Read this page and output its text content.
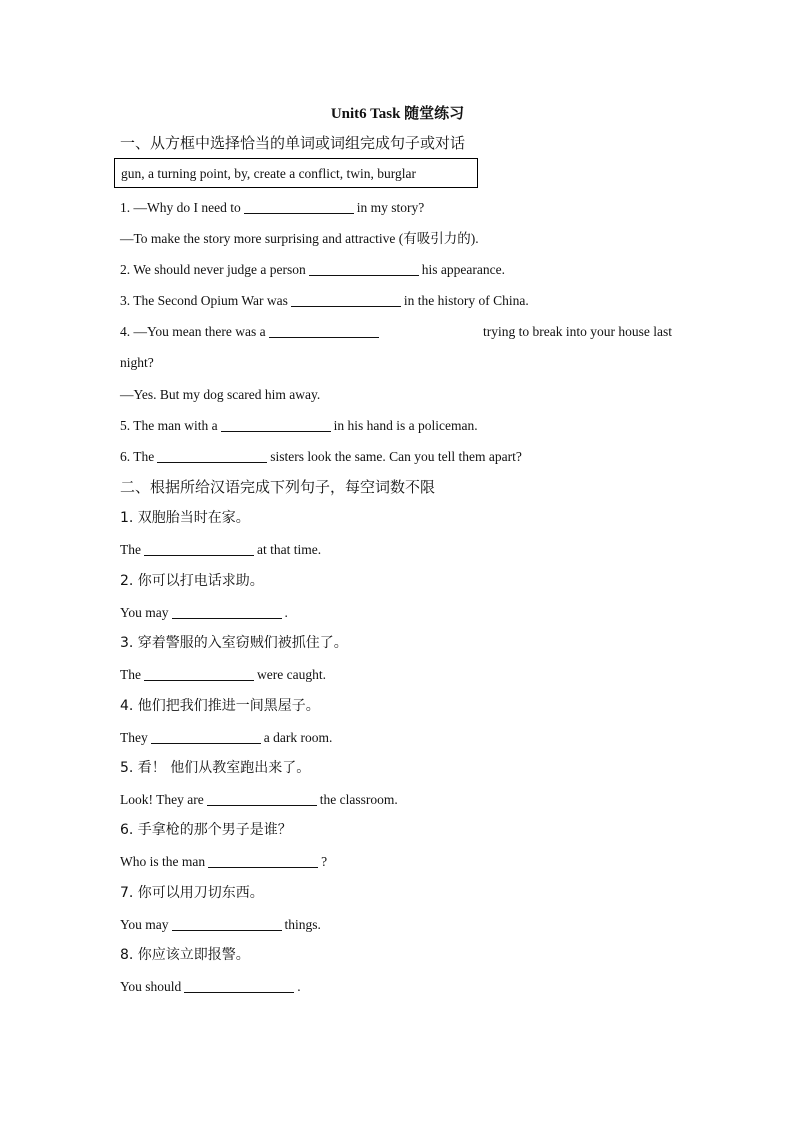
Unit6 Task 随堂练习
一、从方框中选择恰当的单词或词组完成句子或对话
gun, a turning point, by, create a conflict, twin, burglar
1. —Why do I need to	in my story?
—To make the story more surprising and attractive (有吸引力的).
2. We should never judge a person	his appearance.
3. The Second Opium War was	in the history of China.
4. —You mean there was a	trying to break into your house last
night?
—Yes. But my dog scared him away.
5. The man with a	in his hand is a policeman.
6. The	sisters look the same. Can you tell them apart?
二、根据所给汉语完成下列句子，每空词数不限
1. 双胞胎当时在家。
The	at that time.
2. 你可以打电话求助。
You may	.
3. 穿着警服的入室窃贼们被抓住了。
The	were caught.
4. 他们把我们推进一间黑屋子。
They	a dark room.
5. 看！ 他们从教室跑出来了。
Look! They are	the classroom.
6. 手拿枪的那个男子是谁？
Who is the man	?
7. 你可以用刀切东西。
You may	things.
8. 你应该立即报警。
You should	.
